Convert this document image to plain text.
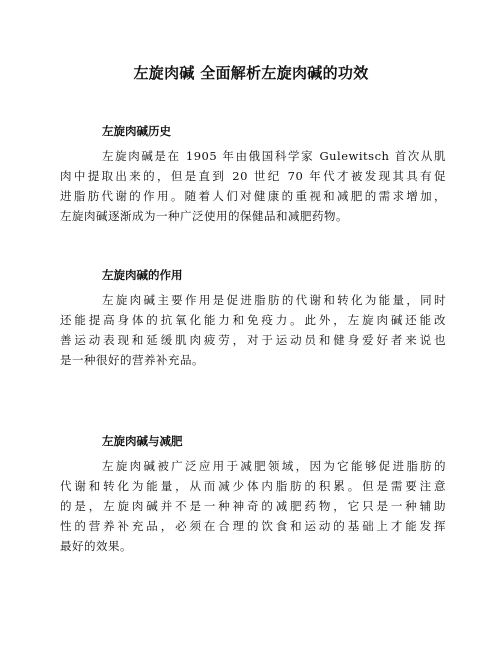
左旋肉碱 全面解析左旋肉碱的功效
左旋肉碱历史
左旋肉碱是在 1905 年由俄国科学家 Gulewitsch 首次从肌
肉中提取出来的，但是直到 20 世纪 70 年代才被发现其具有促
进脂肪代谢的作用。随着人们对健康的重视和减肥的需求增加，
左旋肉碱逐渐成为一种广泛使用的保健品和减肥药物。
左旋肉碱的作用
左旋肉碱主要作用是促进脂肪的代谢和转化为能量，同时
还能提高身体的抗氧化能力和免疫力。此外，左旋肉碱还能改
善运动表现和延缓肌肉疲劳，对于运动员和健身爱好者来说也
是一种很好的营养补充品。
左旋肉碱与减肥
左旋肉碱被广泛应用于减肥领域，因为它能够促进脂肪的
代谢和转化为能量，从而减少体内脂肪的积累。但是需要注意
的是，左旋肉碱并不是一种神奇的减肥药物，它只是一种辅助
性的营养补充品，必须在合理的饮食和运动的基础上才能发挥
最好的效果。
